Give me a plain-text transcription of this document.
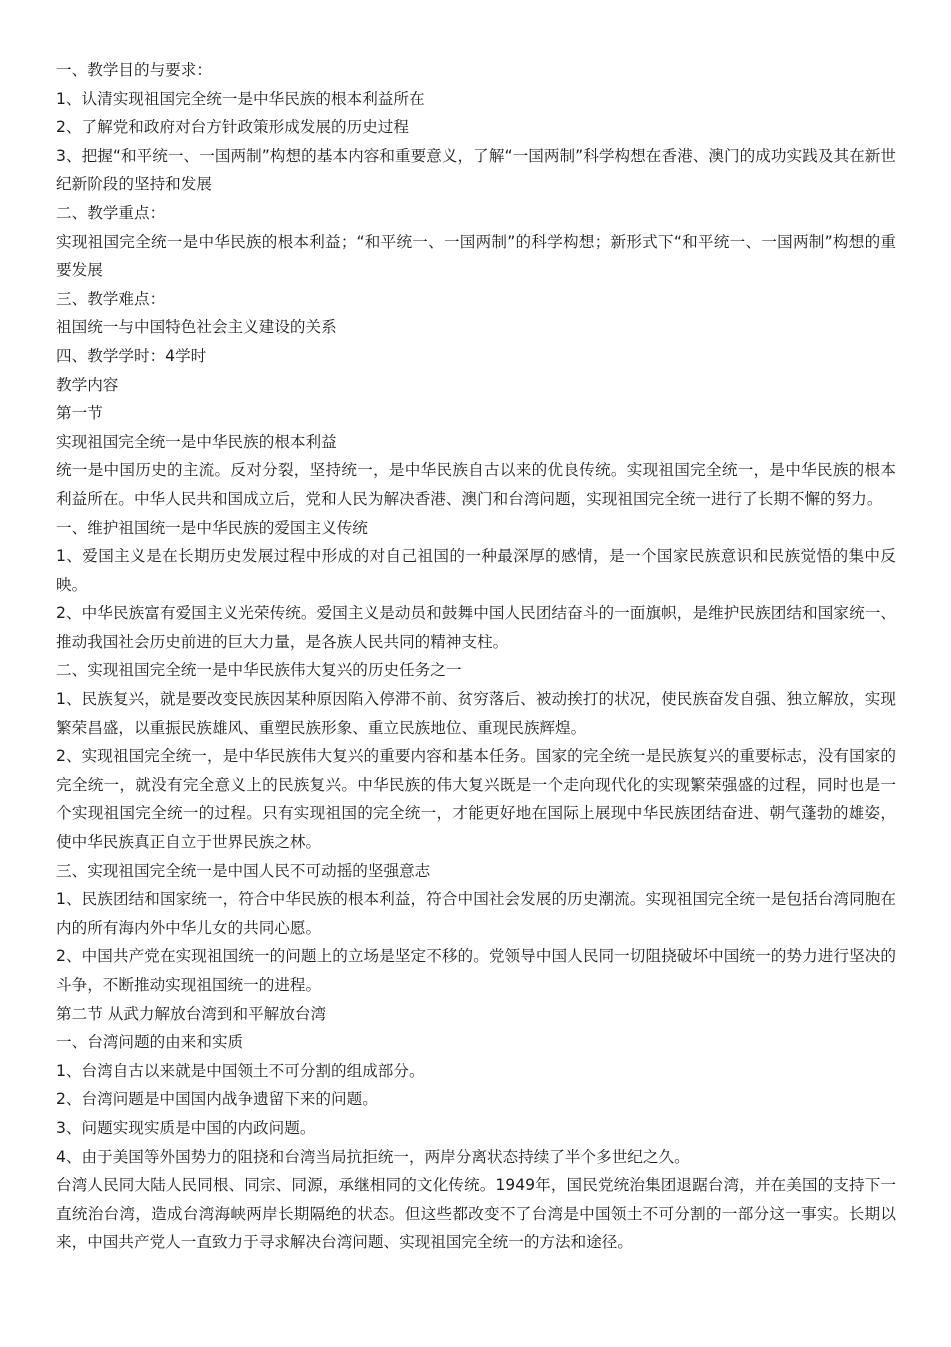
一、教学目的与要求：

1、认清实现祖国完全统一是中华民族的根本利益所在

2、了解党和政府对台方针政策形成发展的历史过程

3、把握“和平统一、一国两制”构想的基本内容和重要意义，了解“一国两制”科学构想在香港、澳门的成功实践及其在新世纪新阶段的坚持和发展

二、教学重点：

实现祖国完全统一是中华民族的根本利益；“和平统一、一国两制”的科学构想；新形式下“和平统一、一国两制”构想的重要发展

三、教学难点：

祖国统一与中国特色社会主义建设的关系

四、教学学时：4学时

教学内容

第一节

实现祖国完全统一是中华民族的根本利益

统一是中国历史的主流。反对分裂，坚持统一，是中华民族自古以来的优良传统。实现祖国完全统一，是中华民族的根本利益所在。中华人民共和国成立后，党和人民为解决香港、澳门和台湾问题，实现祖国完全统一进行了长期不懈的努力。

一、维护祖国统一是中华民族的爱国主义传统

1、爱国主义是在长期历史发展过程中形成的对自己祖国的一种最深厚的感情，是一个国家民族意识和民族觉悟的集中反映。

2、中华民族富有爱国主义光荣传统。爱国主义是动员和鼓舞中国人民团结奋斗的一面旗帜，是维护民族团结和国家统一、推动我国社会历史前进的巨大力量，是各族人民共同的精神支柱。

二、实现祖国完全统一是中华民族伟大复兴的历史任务之一

1、民族复兴，就是要改变民族因某种原因陷入停滞不前、贫穷落后、被动挨打的状况，使民族奋发自强、独立解放，实现繁荣昌盛，以重振民族雄风、重塑民族形象、重立民族地位、重现民族辉煌。

2、实现祖国完全统一，是中华民族伟大复兴的重要内容和基本任务。国家的完全统一是民族复兴的重要标志，没有国家的完全统一，就没有完全意义上的民族复兴。中华民族的伟大复兴既是一个走向现代化的实现繁荣强盛的过程，同时也是一个实现祖国完全统一的过程。只有实现祖国的完全统一，才能更好地在国际上展现中华民族团结奋进、朝气蓬勃的雄姿，使中华民族真正自立于世界民族之林。

三、实现祖国完全统一是中国人民不可动摇的坚强意志

1、民族团结和国家统一，符合中华民族的根本利益，符合中国社会发展的历史潮流。实现祖国完全统一是包括台湾同胞在内的所有海内外中华儿女的共同心愿。

2、中国共产党在实现祖国统一的问题上的立场是坚定不移的。党领导中国人民同一切阻挠破坏中国统一的势力进行坚决的斗争，不断推动实现祖国统一的进程。

第二节 从武力解放台湾到和平解放台湾

一、台湾问题的由来和实质

1、台湾自古以来就是中国领土不可分割的组成部分。

2、台湾问题是中国国内战争遗留下来的问题。

3、问题实现实质是中国的内政问题。

4、由于美国等外国势力的阻挠和台湾当局抗拒统一，两岸分离状态持续了半个多世纪之久。

台湾人民同大陆人民同根、同宗、同源，承继相同的文化传统。1949年，国民党统治集团退踞台湾，并在美国的支持下一直统治台湾，造成台湾海峡两岸长期隔绝的状态。但这些都改变不了台湾是中国领土不可分割的一部分这一事实。长期以来，中国共产党人一直致力于寻求解决台湾问题、实现祖国完全统一的方法和途径。
